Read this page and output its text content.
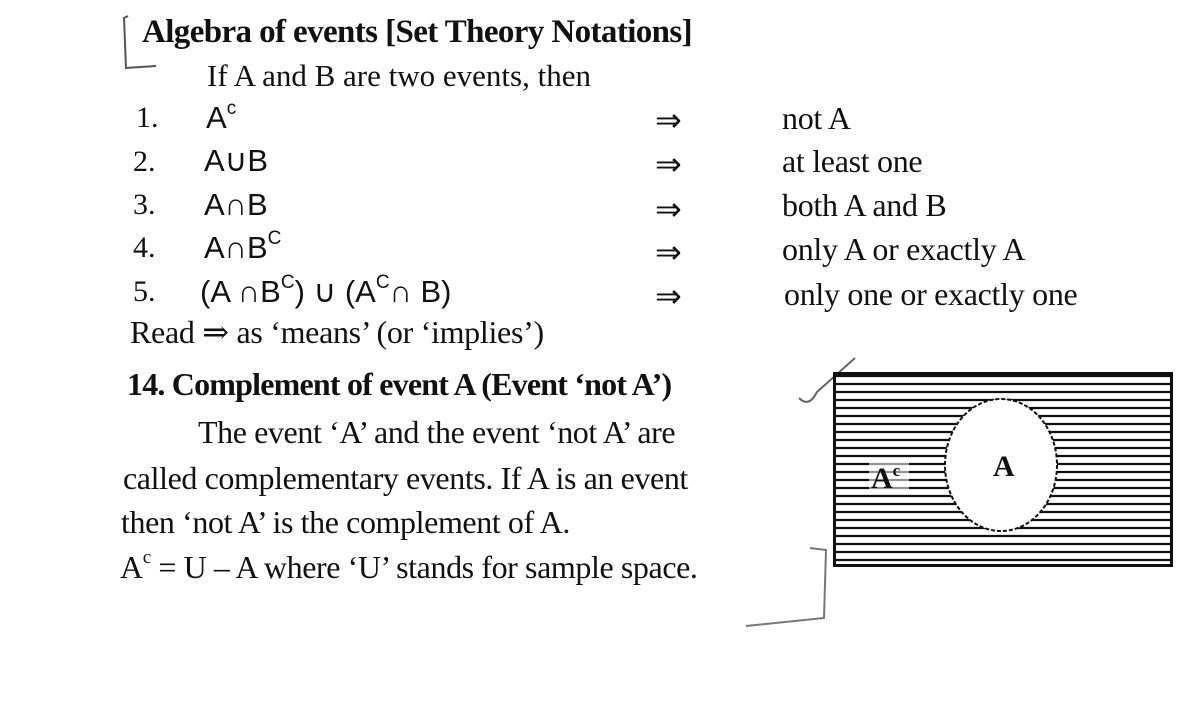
Algebra of events [Set Theory Notations]
If A and B are two events, then
1. $A^c$	⇒	not A
2. A∪B	⇒	at least one
3. A∩B	⇒	both A and B
4. $A\cap B^C$	⇒	only A or exactly A
5. (A $\cap B^C$) ∪ ($A^C\cap$ B)	⇒	only one or exactly one
Read ⇒ as ‘means’ (or ‘implies’)
14. Complement of event A (Event ‘not A’)
The event ‘A’ and the event ‘not A’ are
called complementary events. If A is an event
then ‘not A’ is the complement of A.
$A^c = U - A$ where ‘U’ stands for sample space.
A
$A^c$
